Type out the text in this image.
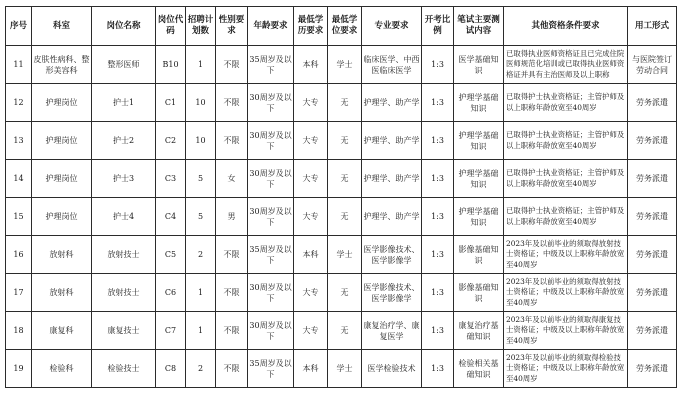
序号	科室	岗位名称	岗位代码	招聘计划数	性别要求	年龄要求	最低学历要求	最低学位要求	专业要求	开考比例	笔试主要测试内容	其他资格条件要求	用工形式
11	皮肤性病科、整形美容科	整形医师	B10	1	不限	35周岁及以下	本科	学士	临床医学、中西医临床医学	1:3	医学基础知识	已取得执业医师资格证且已完成住院医师规范化培训或已取得执业医师资格证并具有主治医师及以上职称	与医院签订劳动合同
12	护理岗位	护士1	C1	10	不限	30周岁及以下	大专	无	护理学、助产学	1:3	护理学基础知识	已取得护士执业资格证；主管护师及以上职称年龄放宽至40周岁	劳务派遣
13	护理岗位	护士2	C2	10	不限	30周岁及以下	大专	无	护理学、助产学	1:3	护理学基础知识	已取得护士执业资格证；主管护师及以上职称年龄放宽至40周岁	劳务派遣
14	护理岗位	护士3	C3	5	女	30周岁及以下	大专	无	护理学、助产学	1:3	护理学基础知识	已取得护士执业资格证；主管护师及以上职称年龄放宽至40周岁	劳务派遣
15	护理岗位	护士4	C4	5	男	30周岁及以下	大专	无	护理学、助产学	1:3	护理学基础知识	已取得护士执业资格证；主管护师及以上职称年龄放宽至40周岁	劳务派遣
16	放射科	放射技士	C5	2	不限	35周岁及以下	本科	学士	医学影像技术、医学影像学	1:3	影像基础知识	2023年及以前毕业的须取得放射技士资格证；中级及以上职称年龄放宽至40周岁	劳务派遣
17	放射科	放射技士	C6	1	不限	30周岁及以下	大专	无	医学影像技术、医学影像学	1:3	影像基础知识	2023年及以前毕业的须取得放射技士资格证；中级及以上职称年龄放宽至40周岁	劳务派遣
18	康复科	康复技士	C7	1	不限	30周岁及以下	大专	无	康复治疗学、康复医学	1:3	康复治疗基础知识	2023年及以前毕业的须取得康复技士资格证；中级及以上职称年龄放宽至40周岁	劳务派遣
19	检验科	检验技士	C8	2	不限	35周岁及以下	本科	学士	医学检验技术	1:3	检验相关基础知识	2023年及以前毕业的须取得检验技士资格证；中级及以上职称年龄放宽至40周岁	劳务派遣
